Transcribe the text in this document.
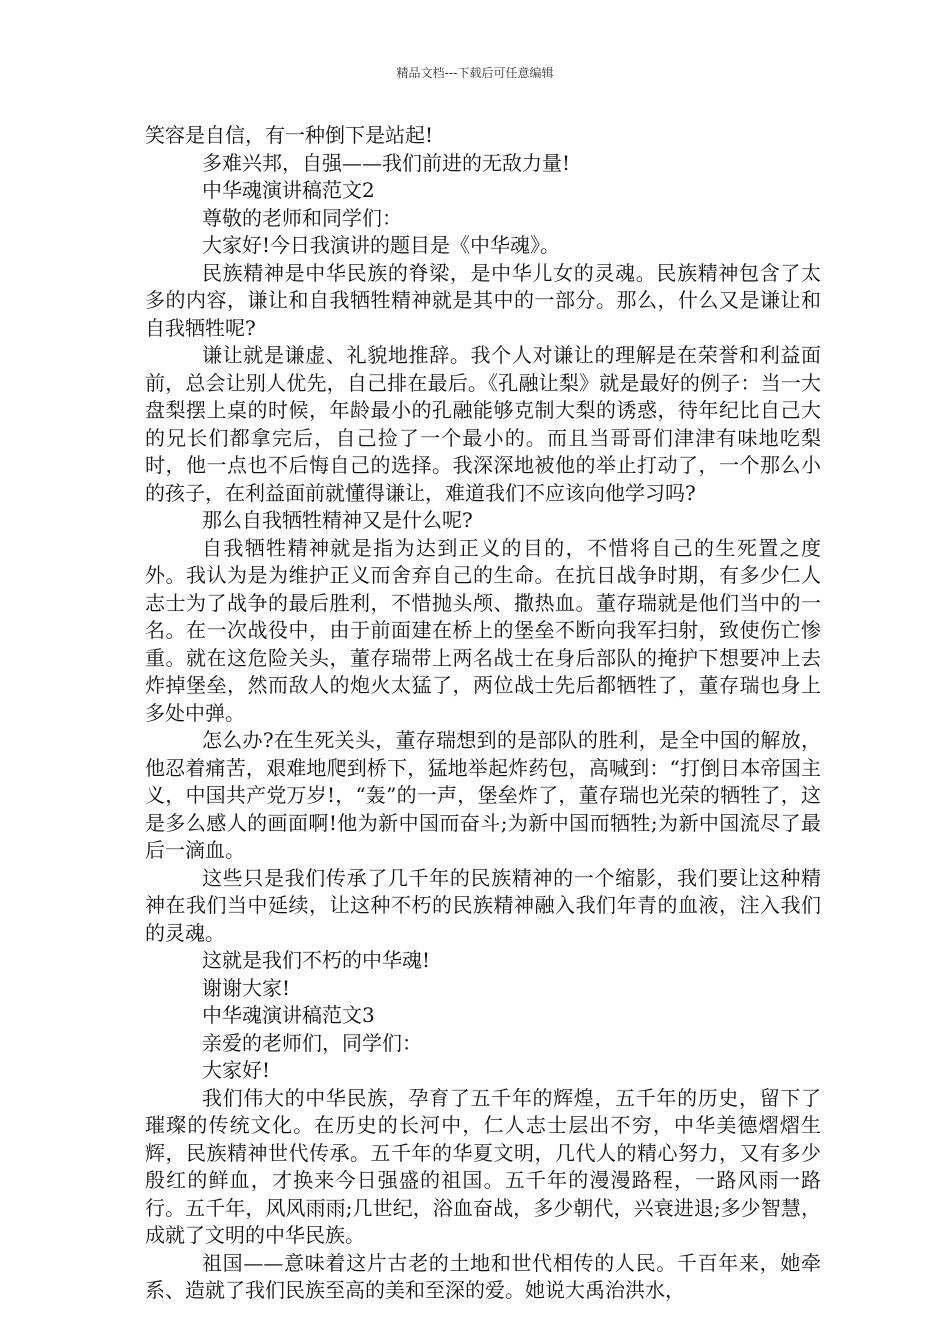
精品文档---下载后可任意编辑

笑容是自信，有一种倒下是站起!

多难兴邦，自强——我们前进的无敌力量!

中华魂演讲稿范文2

尊敬的老师和同学们：

大家好!今日我演讲的题目是《中华魂》。

民族精神是中华民族的脊梁，是中华儿女的灵魂。民族精神包含了太多的内容，谦让和自我牺牲精神就是其中的一部分。那么，什么又是谦让和自我牺牲呢?

谦让就是谦虚、礼貌地推辞。我个人对谦让的理解是在荣誉和利益面前，总会让别人优先，自己排在最后。《孔融让梨》就是最好的例子：当一大盘梨摆上桌的时候，年龄最小的孔融能够克制大梨的诱惑，待年纪比自己大的兄长们都拿完后，自己捡了一个最小的。而且当哥哥们津津有味地吃梨时，他一点也不后悔自己的选择。我深深地被他的举止打动了，一个那么小的孩子，在利益面前就懂得谦让，难道我们不应该向他学习吗?

那么自我牺牲精神又是什么呢?

自我牺牲精神就是指为达到正义的目的，不惜将自己的生死置之度外。我认为是为维护正义而舍弃自己的生命。在抗日战争时期，有多少仁人志士为了战争的最后胜利，不惜抛头颅、撒热血。董存瑞就是他们当中的一名。在一次战役中，由于前面建在桥上的堡垒不断向我军扫射，致使伤亡惨重。就在这危险关头，董存瑞带上两名战士在身后部队的掩护下想要冲上去炸掉堡垒，然而敌人的炮火太猛了，两位战士先后都牺牲了，董存瑞也身上多处中弹。

怎么办?在生死关头，董存瑞想到的是部队的胜利，是全中国的解放，他忍着痛苦，艰难地爬到桥下，猛地举起炸药包，高喊到：“打倒日本帝国主义，中国共产党万岁!，“轰”的一声，堡垒炸了，董存瑞也光荣的牺牲了，这是多么感人的画面啊!他为新中国而奋斗;为新中国而牺牲;为新中国流尽了最后一滴血。

这些只是我们传承了几千年的民族精神的一个缩影，我们要让这种精神在我们当中延续，让这种不朽的民族精神融入我们年青的血液，注入我们的灵魂。

这就是我们不朽的中华魂!

谢谢大家!

中华魂演讲稿范文3

亲爱的老师们，同学们：

大家好!

我们伟大的中华民族，孕育了五千年的辉煌，五千年的历史，留下了璀璨的传统文化。在历史的长河中，仁人志士层出不穷，中华美德熠熠生辉，民族精神世代传承。五千年的华夏文明，几代人的精心努力，又有多少殷红的鲜血，才换来今日强盛的祖国。五千年的漫漫路程，一路风雨一路行。五千年，风风雨雨;几世纪，浴血奋战，多少朝代，兴衰进退;多少智慧，成就了文明的中华民族。

祖国——意味着这片古老的土地和世代相传的人民。千百年来，她牵系、造就了我们民族至高的美和至深的爱。她说大禹治洪水，
